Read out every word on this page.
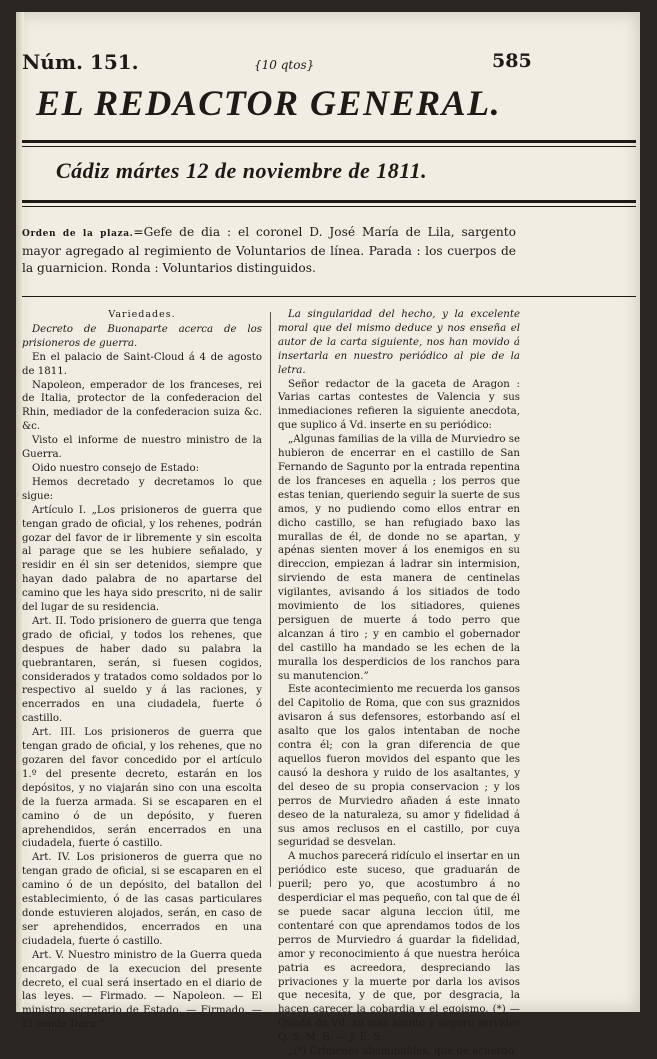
Núm. 151.	{10 qtos}	585
EL REDACTOR GENERAL.
Cádiz mártes 12 de noviembre de 1811.
Orden de la plaza.=Gefe de dia : el coronel D. José María de Lila, sargento mayor agregado al regimiento de Voluntarios de línea. Parada : los cuerpos de la guarnicion. Ronda : Voluntarios distinguidos.

Variedades.

Decreto de Buonaparte acerca de los prisioneros de guerra.

En el palacio de Saint-Cloud á 4 de agosto de 1811.

Napoleon, emperador de los franceses, rei de Italia, protector de la confederacion del Rhin, mediador de la confederacion suiza &c. &c.

Visto el informe de nuestro ministro de la Guerra.

Oido nuestro consejo de Estado:

Hemos decretado y decretamos lo que sigue:

Artículo I. „Los prisioneros de guerra que tengan grado de oficial, y los rehenes, podrán gozar del favor de ir libremente y sin escolta al parage que se les hubiere señalado, y residir en él sin ser detenidos, siempre que hayan dado palabra de no apartarse del camino que les haya sido prescrito, ni de salir del lugar de su residencia.

Art. II. Todo prisionero de guerra que tenga grado de oficial, y todos los rehenes, que despues de haber dado su palabra la quebrantaren, serán, si fuesen cogidos, considerados y tratados como soldados por lo respectivo al sueldo y á las raciones, y encerrados en una ciudadela, fuerte ó castillo.

Art. III. Los prisioneros de guerra que tengan grado de oficial, y los rehenes, que no gozaren del favor concedido por el artículo 1.º del presente decreto, estarán en los depósitos, y no viajarán sino con una escolta de la fuerza armada. Si se escaparen en el camino ó de un depósito, y fueren aprehendidos, serán encerrados en una ciudadela, fuerte ó castillo.

Art. IV. Los prisioneros de guerra que no tengan grado de oficial, si se escaparen en el camino ó de un depósito, del batallon del establecimiento, ó de las casas particulares donde estuvieren alojados, serán, en caso de ser aprehendidos, encerrados en una ciudadela, fuerte ó castillo.

Art. V. Nuestro ministro de la Guerra queda encargado de la execucion del presente decreto, el cual será insertado en el diario de las leyes. — Firmado. — Napoleon. — El ministro secretario de Estado. — Firmado. — El conde Daru.”

La singularidad del hecho, y la excelente moral que del mismo deduce y nos enseña el autor de la carta siguiente, nos han movido á insertarla en nuestro periódico al pie de la letra.

Señor redactor de la gaceta de Aragon : Varias cartas contestes de Valencia y sus inmediaciones refieren la siguiente anecdota, que suplico á Vd. inserte en su periódico:

„Algunas familias de la villa de Murviedro se hubieron de encerrar en el castillo de San Fernando de Sagunto por la entrada repentina de los franceses en aquella ; los perros que estas tenian, queriendo seguir la suerte de sus amos, y no pudiendo como ellos entrar en dicho castillo, se han refugiado baxo las murallas de él, de donde no se apartan, y apénas sienten mover á los enemigos en su direccion, empiezan á ladrar sin intermision, sirviendo de esta manera de centinelas vigilantes, avisando á los sitiados de todo movimiento de los sitiadores, quienes persiguen de muerte á todo perro que alcanzan á tiro ; y en cambio el gobernador del castillo ha mandado se les echen de la muralla los desperdicios de los ranchos para su manutencion.”

Este acontecimiento me recuerda los gansos del Capitolio de Roma, que con sus graznidos avisaron á sus defensores, estorbando así el asalto que los galos intentaban de noche contra él; con la gran diferencia de que aquellos fueron movidos del espanto que les causó la deshora y ruido de los asaltantes, y del deseo de su propia conservacion ; y los perros de Murviedro añaden á este innato deseo de la naturaleza, su amor y fidelidad á sus amos reclusos en el castillo, por cuya seguridad se desvelan.

A muchos parecerá ridículo el insertar en un periódico este suceso, que graduarán de pueril; pero yo, que acostumbro á no desperdiciar el mas pequeño, con tal que de él se puede sacar alguna leccion útil, me contentaré con que aprendamos todos de los perros de Murviedro á guardar la fidelidad, amor y reconocimiento á que nuestra heróica patria es acreedora, despreciando las privaciones y la muerte por darla los avisos que necesita, y de que, por desgracia, la hacen carecer la cobardia y el egoismo. (*) —Queda de Vd. su mas atento y seguro servidor Q. S. M. B. — J. E. S.

„(*) Crímenes abominables, que de acuerdo
